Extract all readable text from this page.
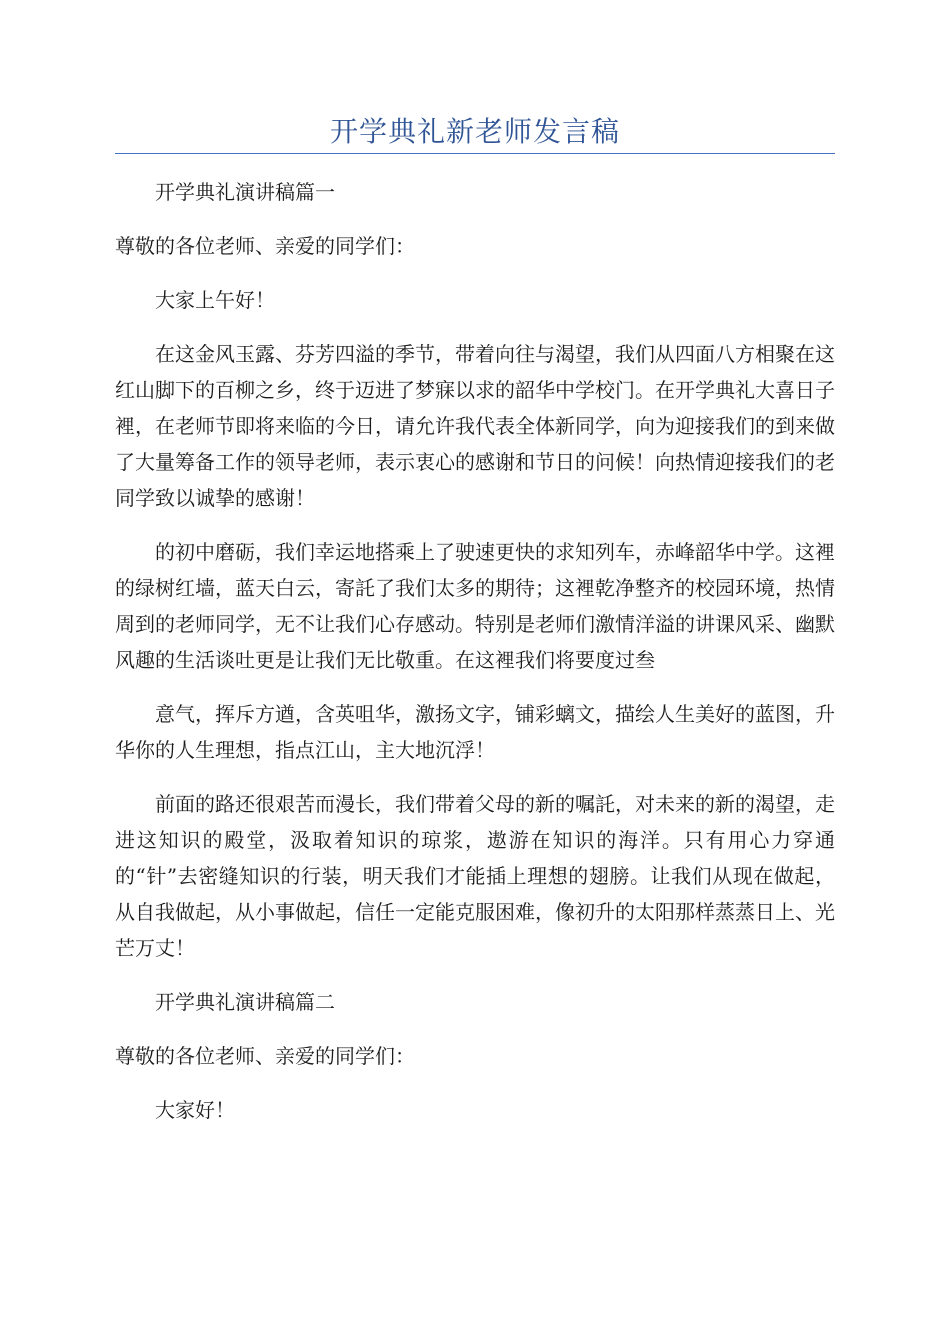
开学典礼新老师发言稿

开学典礼演讲稿篇一

尊敬的各位老师、亲爱的同学们：

大家上午好！

在这金风玉露、芬芳四溢的季节，带着向往与渴望，我们从四面八方相聚在这红山脚下的百柳之乡，终于迈进了梦寐以求的韶华中学校门。在开学典礼大喜日子裡，在老师节即将来临的今日，请允许我代表全体新同学，向为迎接我们的到来做了大量筹备工作的领导老师，表示衷心的感谢和节日的问候！向热情迎接我们的老同学致以诚挚的感谢！

的初中磨砺，我们幸运地搭乘上了驶速更快的求知列车，赤峰韶华中学。这裡的绿树红墙，蓝天白云，寄託了我们太多的期待；这裡乾净整齐的校园环境，热情周到的老师同学，无不让我们心存感动。特别是老师们激情洋溢的讲课风采、幽默风趣的生活谈吐更是让我们无比敬重。在这裡我们将要度过叁

意气，挥斥方遒，含英咀华，激扬文字，铺彩螭文，描绘人生美好的蓝图，升华你的人生理想，指点江山，主大地沉浮！

前面的路还很艰苦而漫长，我们带着父母的新的嘱託，对未来的新的渴望，走进这知识的殿堂，汲取着知识的琼浆，遨游在知识的海洋。只有用心力穿通的“针”去密缝知识的行装，明天我们才能插上理想的翅膀。让我们从现在做起，从自我做起，从小事做起，信任一定能克服困难，像初升的太阳那样蒸蒸日上、光芒万丈！

开学典礼演讲稿篇二

尊敬的各位老师、亲爱的同学们：

大家好！
